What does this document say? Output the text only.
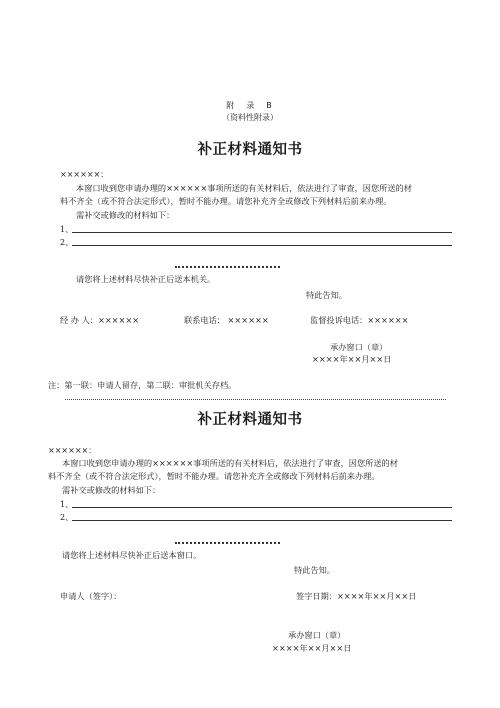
附　录　B
（资料性附录）
补正材料通知书
××××××：
本窗口收到您申请办理的××××××事项所送的有关材料后，依法进行了审查，因您所送的材
料不齐全（或不符合法定形式），暂时不能办理。请您补充齐全或修改下列材料后前来办理。
需补交或修改的材料如下：
1、
2、
请您将上述材料尽快补正后送本机关。
特此告知。
经 办 人：××××××	联系电话： ××××××	监督投诉电话：××××××
承办窗口（章）
××××年××月××日
注：第一联：申请人留存，第二联：审批机关存档。
补正材料通知书
××××××：
本窗口收到您申请办理的××××××事项所送的有关材料后，依法进行了审查，因您所送的材
料不齐全（或不符合法定形式），暂时不能办理。请您补充齐全或修改下列材料后前来办理。
需补交或修改的材料如下：
1、
2、
请您将上述材料尽快补正后送本窗口。
特此告知。
申请人（签字）：	签字日期：××××年××月××日
承办窗口（章）
××××年××月××日
